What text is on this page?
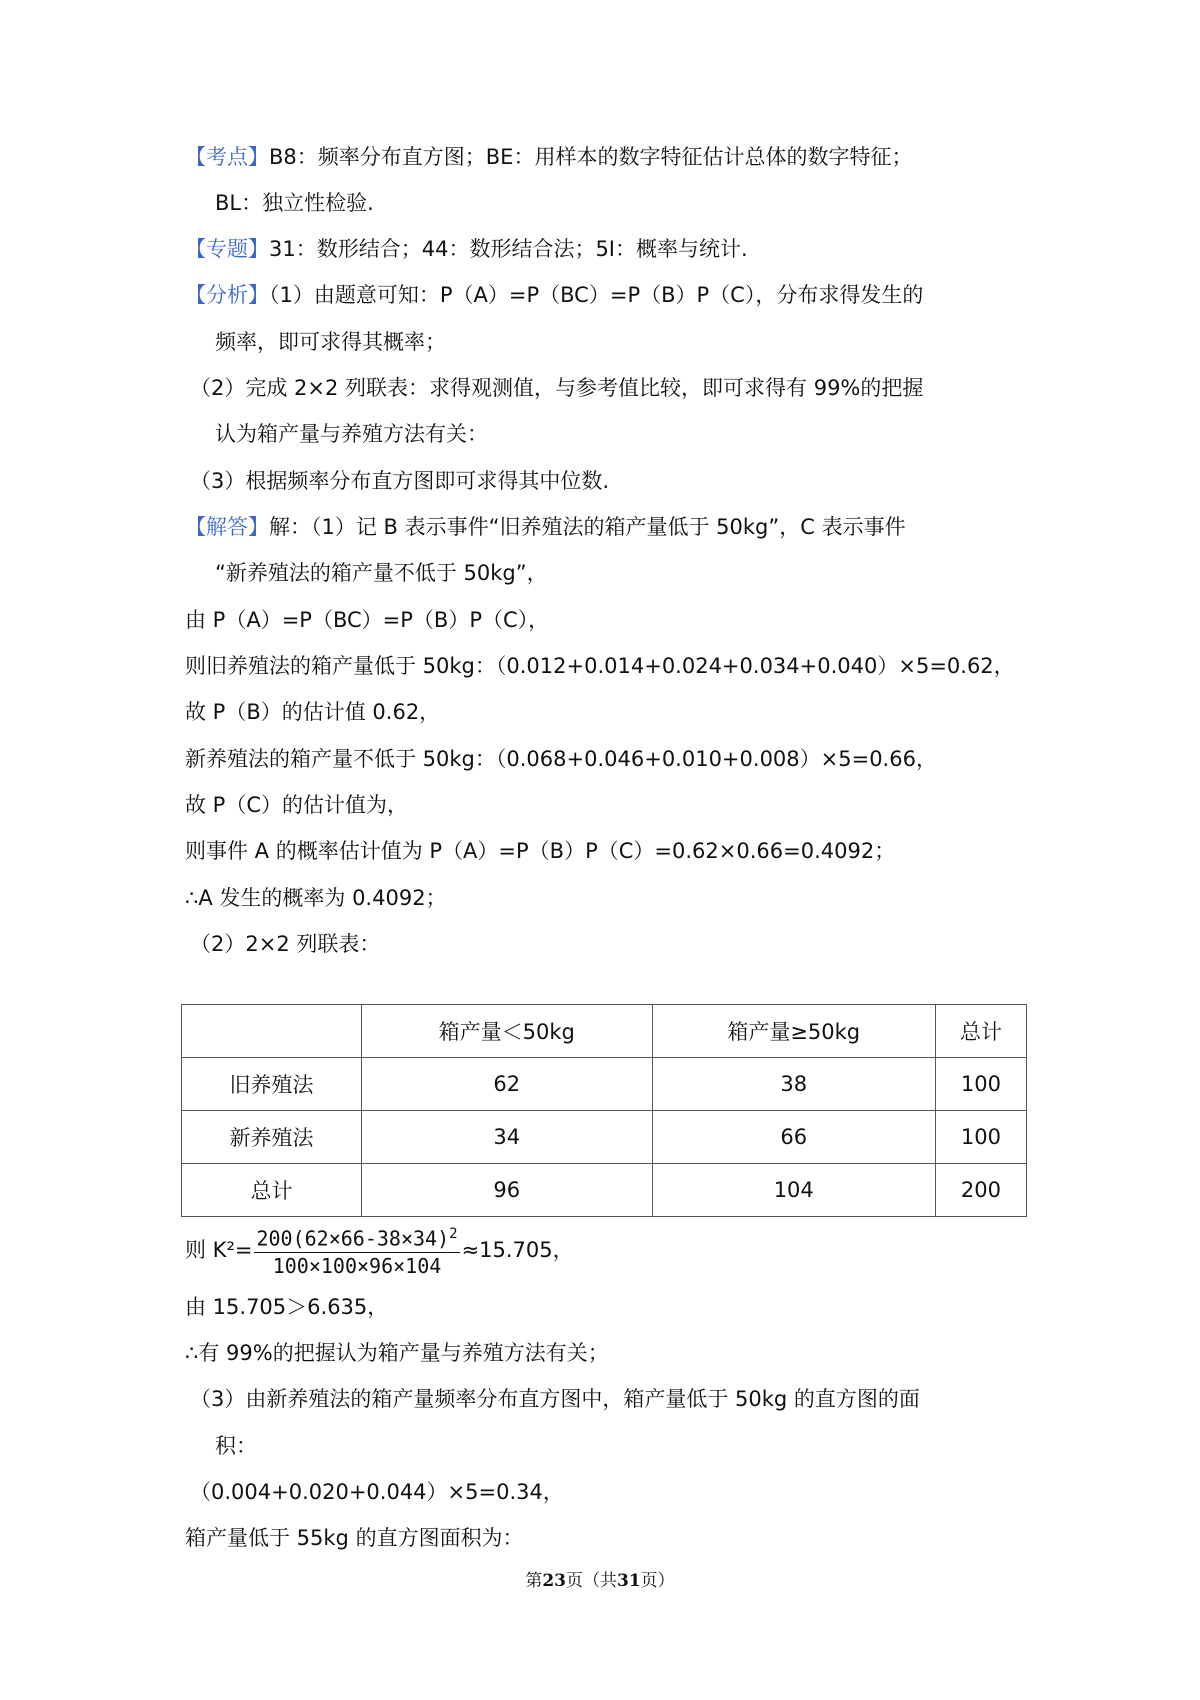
【考点】B8：频率分布直方图；BE：用样本的数字特征估计总体的数字特征；
BL：独立性检验.
【专题】31：数形结合；44：数形结合法；5I：概率与统计.
【分析】（1）由题意可知：P（A）=P（BC）=P（B）P（C），分布求得发生的
频率，即可求得其概率；
（2）完成 2×2 列联表：求得观测值，与参考值比较，即可求得有 99%的把握
认为箱产量与养殖方法有关：
（3）根据频率分布直方图即可求得其中位数.
【解答】解：（1）记 B 表示事件“旧养殖法的箱产量低于 50kg”，C 表示事件
“新养殖法的箱产量不低于 50kg”，
由 P（A）=P（BC）=P（B）P（C），
则旧养殖法的箱产量低于 50kg：（0.012+0.014+0.024+0.034+0.040）×5=0.62，
故 P（B）的估计值 0.62，
新养殖法的箱产量不低于 50kg：（0.068+0.046+0.010+0.008）×5=0.66，
故 P（C）的估计值为，
则事件 A 的概率估计值为 P（A）=P（B）P（C）=0.62×0.66=0.4092；
∴A 发生的概率为 0.4092；
（2）2×2 列联表：
	箱产量＜50kg	箱产量≥50kg	总计
旧养殖法	62	38	100
新养殖法	34	66	100
总计	96	104	200
则 $K^2= \frac{200(62\times 66-38\times 34)^2}{100\times 100\times 96\times 104} \approx 15.705$，
由 15.705＞6.635，
∴有 99%的把握认为箱产量与养殖方法有关；
（3）由新养殖法的箱产量频率分布直方图中，箱产量低于 50kg 的直方图的面
积：
（0.004+0.020+0.044）×5=0.34，
箱产量低于 55kg 的直方图面积为：
第23页（共31页）
